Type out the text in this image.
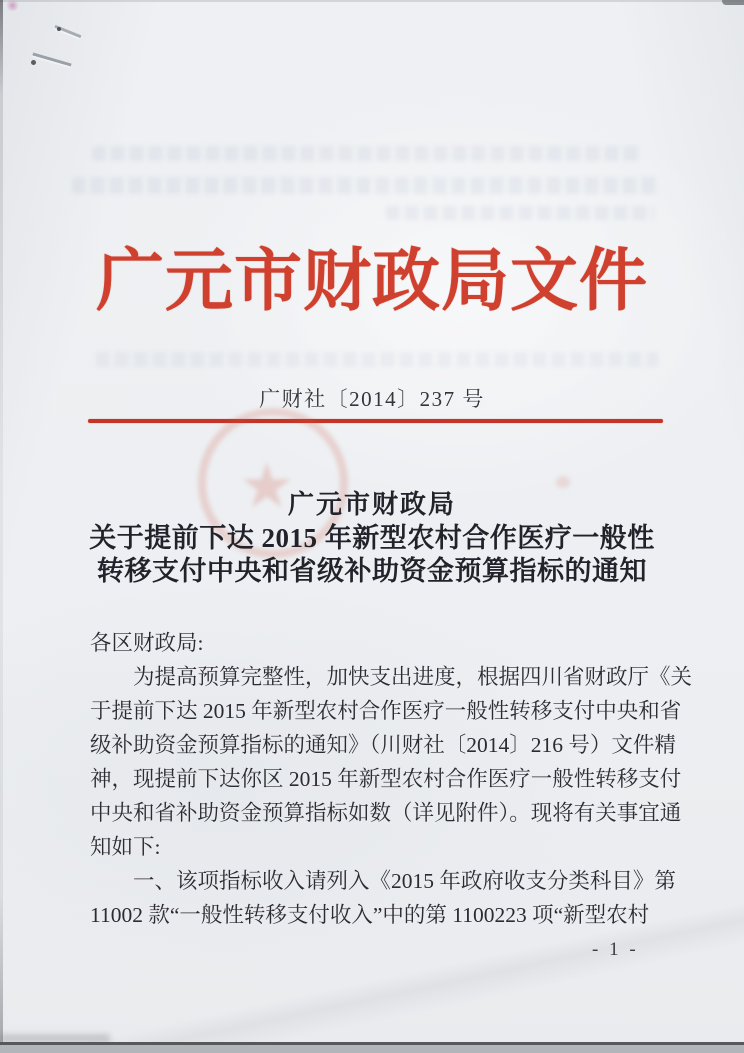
广元市财政局文件
广财社〔2014〕237 号
★
广元市财政局
关于提前下达 2015 年新型农村合作医疗一般性
转移支付中央和省级补助资金预算指标的通知
各区财政局:
为提高预算完整性，加快支出进度，根据四川省财政厅《关
于提前下达 2015 年新型农村合作医疗一般性转移支付中央和省
级补助资金预算指标的通知》（川财社〔2014〕216 号）文件精
神，现提前下达你区 2015 年新型农村合作医疗一般性转移支付
中央和省补助资金预算指标如数（详见附件）。现将有关事宜通
知如下:
一、该项指标收入请列入《2015 年政府收支分类科目》第
11002 款“一般性转移支付收入”中的第 1100223 项“新型农村
- 1 -
